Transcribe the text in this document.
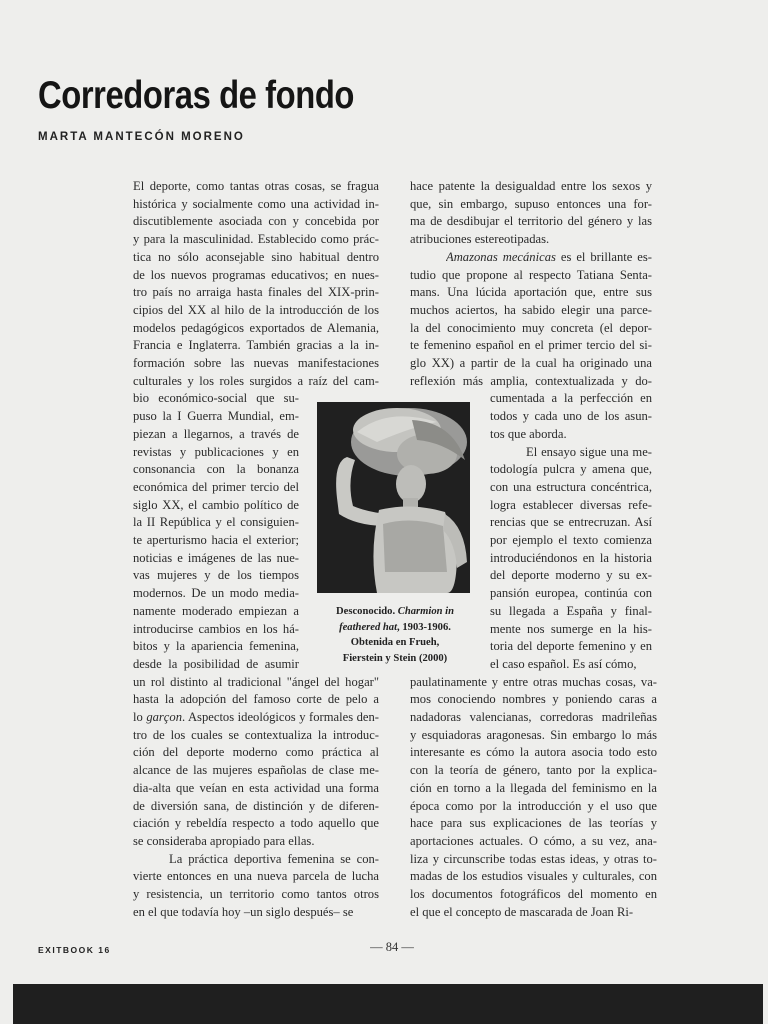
Corredoras de fondo
MARTA MANTECÓN MORENO
El deporte, como tantas otras cosas, se fragua
histórica y socialmente como una actividad in-
discutiblemente asociada con y concebida por
y para la masculinidad. Establecido como prác-
tica no sólo aconsejable sino habitual dentro
de los nuevos programas educativos; en nues-
tro país no arraiga hasta finales del XIX-prin-
cipios del XX al hilo de la introducción de los
modelos pedagógicos exportados de Alemania,
Francia e Inglaterra. También gracias a la in-
formación sobre las nuevas manifestaciones
culturales y los roles surgidos a raíz del cam-
bio económico-social que su-
puso la I Guerra Mundial, em-
piezan a llegarnos, a través de
revistas y publicaciones y en
consonancia con la bonanza
económica del primer tercio del
siglo XX, el cambio político de
la II República y el consiguien-
te aperturismo hacia el exterior;
noticias e imágenes de las nue-
vas mujeres y de los tiempos
modernos. De un modo media-
namente moderado empiezan a
introducirse cambios en los há-
bitos y la apariencia femenina,
desde la posibilidad de asumir
un rol distinto al tradicional "ángel del hogar"
hasta la adopción del famoso corte de pelo a
lo garçon. Aspectos ideológicos y formales den-
tro de los cuales se contextualiza la introduc-
ción del deporte moderno como práctica al
alcance de las mujeres españolas de clase me-
dia-alta que veían en esta actividad una forma
de diversión sana, de distinción y de diferen-
ciación y rebeldía respecto a todo aquello que
se consideraba apropiado para ellas.
La práctica deportiva femenina se con-
vierte entonces en una nueva parcela de lucha
y resistencia, un territorio como tantos otros
en el que todavía hoy –un siglo después– se
hace patente la desigualdad entre los sexos y
que, sin embargo, supuso entonces una for-
ma de desdibujar el territorio del género y las
atribuciones estereotipadas.
Amazonas mecánicas es el brillante es-
tudio que propone al respecto Tatiana Senta-
mans. Una lúcida aportación que, entre sus
muchos aciertos, ha sabido elegir una parce-
la del conocimiento muy concreta (el depor-
te femenino español en el primer tercio del si-
glo XX) a partir de la cual ha originado una
reflexión más amplia, contextualizada y do-
cumentada a la perfección en
todos y cada uno de los asun-
tos que aborda.
El ensayo sigue una me-
todología pulcra y amena que,
con una estructura concéntrica,
logra establecer diversas refe-
rencias que se entrecruzan. Así
por ejemplo el texto comienza
introduciéndonos en la historia
del deporte moderno y su ex-
pansión europea, continúa con
su llegada a España y final-
mente nos sumerge en la his-
toria del deporte femenino y en
el caso español. Es así cómo,
paulatinamente y entre otras muchas cosas, va-
mos conociendo nombres y poniendo caras a
nadadoras valencianas, corredoras madrileñas
y esquiadoras aragonesas. Sin embargo lo más
interesante es cómo la autora asocia todo esto
con la teoría de género, tanto por la explica-
ción en torno a la llegada del feminismo en la
época como por la introducción y el uso que
hace para sus explicaciones de las teorías y
aportaciones actuales. O cómo, a su vez, ana-
liza y circunscribe todas estas ideas, y otras to-
madas de los estudios visuales y culturales, con
los documentos fotográficos del momento en
el que el concepto de mascarada de Joan Ri-
Desconocido. Charmion in
feathered hat, 1903-1906.
Obtenida en Frueh,
Fierstein y Stein (2000)
EXITBOOK 16	— 84 —
